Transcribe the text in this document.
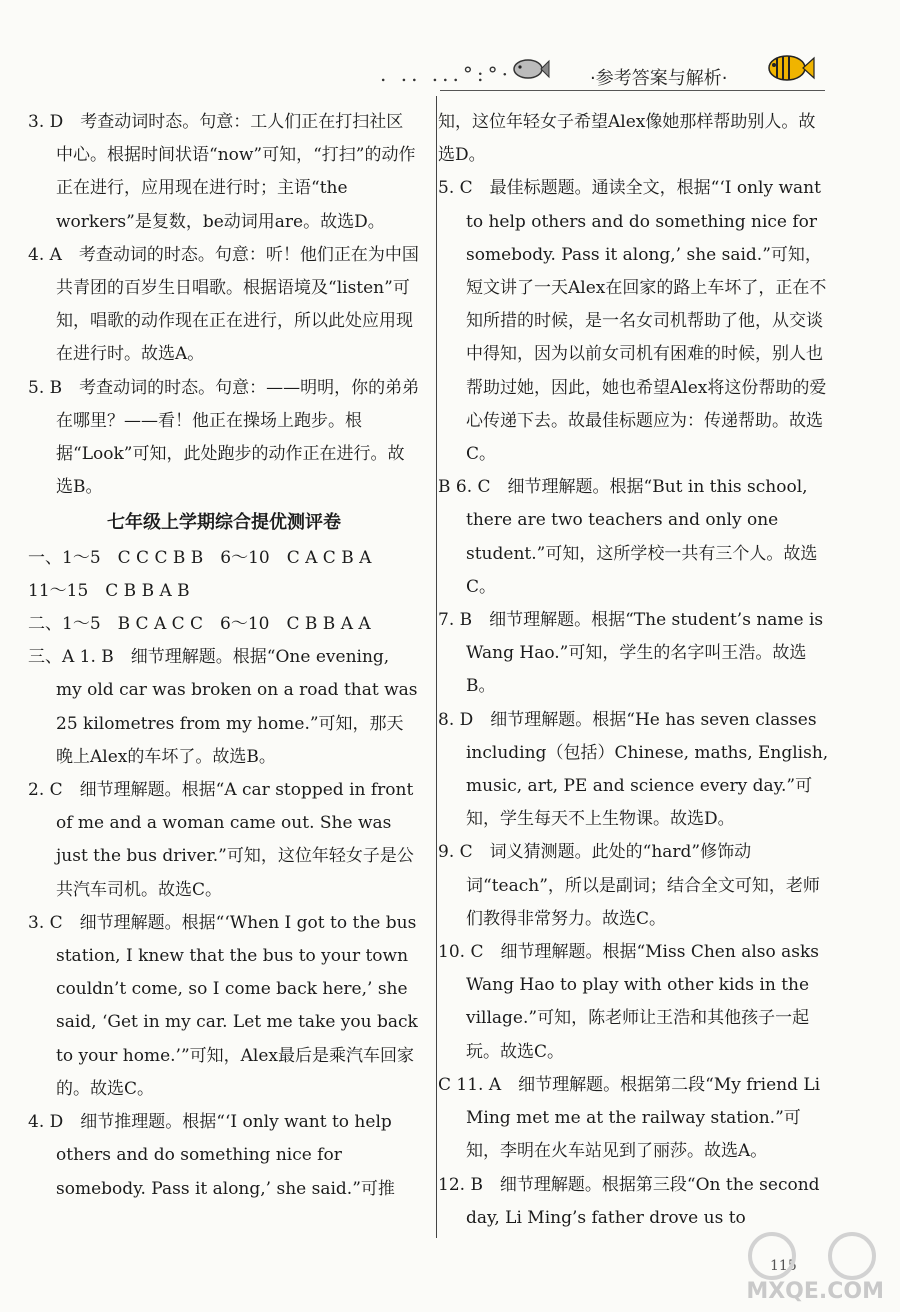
. .. ...°:°·	·参考答案与解析·

3. D　考查动词时态。句意：工人们正在打扫社区中心。根据时间状语“now”可知，“打扫”的动作正在进行，应用现在进行时；主语“the workers”是复数，be动词用are。故选D。

4. A　考查动词的时态。句意：听！他们正在为中国共青团的百岁生日唱歌。根据语境及“listen”可知，唱歌的动作现在正在进行，所以此处应用现在进行时。故选A。

5. B　考查动词的时态。句意：——明明，你的弟弟在哪里？——看！他正在操场上跑步。根据“Look”可知，此处跑步的动作正在进行。故选B。

七年级上学期综合提优测评卷

一、1～5　C C C B B　6～10　C A C B A

11～15　C B B A B

二、1～5　B C A C C　6～10　C B B A A

三、A 1. B　细节理解题。根据“One evening, my old car was broken on a road that was 25 kilometres from my home.”可知，那天晚上Alex的车坏了。故选B。

2. C　细节理解题。根据“A car stopped in front of me and a woman came out. She was just the bus driver.”可知，这位年轻女子是公共汽车司机。故选C。

3. C　细节理解题。根据“‘When I got to the bus station, I knew that the bus to your town couldn’t come, so I come back here,’ she said, ‘Get in my car. Let me take you back to your home.’”可知，Alex最后是乘汽车回家的。故选C。

4. D　细节推理题。根据“‘I only want to help others and do something nice for somebody. Pass it along,’ she said.”可推

知，这位年轻女子希望Alex像她那样帮助别人。故选D。

5. C　最佳标题题。通读全文，根据“‘I only want to help others and do something nice for somebody. Pass it along,’ she said.”可知，短文讲了一天Alex在回家的路上车坏了，正在不知所措的时候，是一名女司机帮助了他，从交谈中得知，因为以前女司机有困难的时候，别人也帮助过她，因此，她也希望Alex将这份帮助的爱心传递下去。故最佳标题应为：传递帮助。故选C。

B 6. C　细节理解题。根据“But in this school, there are two teachers and only one student.”可知，这所学校一共有三个人。故选C。

7. B　细节理解题。根据“The student’s name is Wang Hao.”可知，学生的名字叫王浩。故选B。

8. D　细节理解题。根据“He has seven classes including（包括）Chinese, maths, English, music, art, PE and science every day.”可知，学生每天不上生物课。故选D。

9. C　词义猜测题。此处的“hard”修饰动词“teach”，所以是副词；结合全文可知，老师们教得非常努力。故选C。

10. C　细节理解题。根据“Miss Chen also asks Wang Hao to play with other kids in the village.”可知，陈老师让王浩和其他孩子一起玩。故选C。

C 11. A　细节理解题。根据第二段“My friend Li Ming met me at the railway station.”可知，李明在火车站见到了丽莎。故选A。

12. B　细节理解题。根据第三段“On the second day, Li Ming’s father drove us to

115
MXQE.COM
